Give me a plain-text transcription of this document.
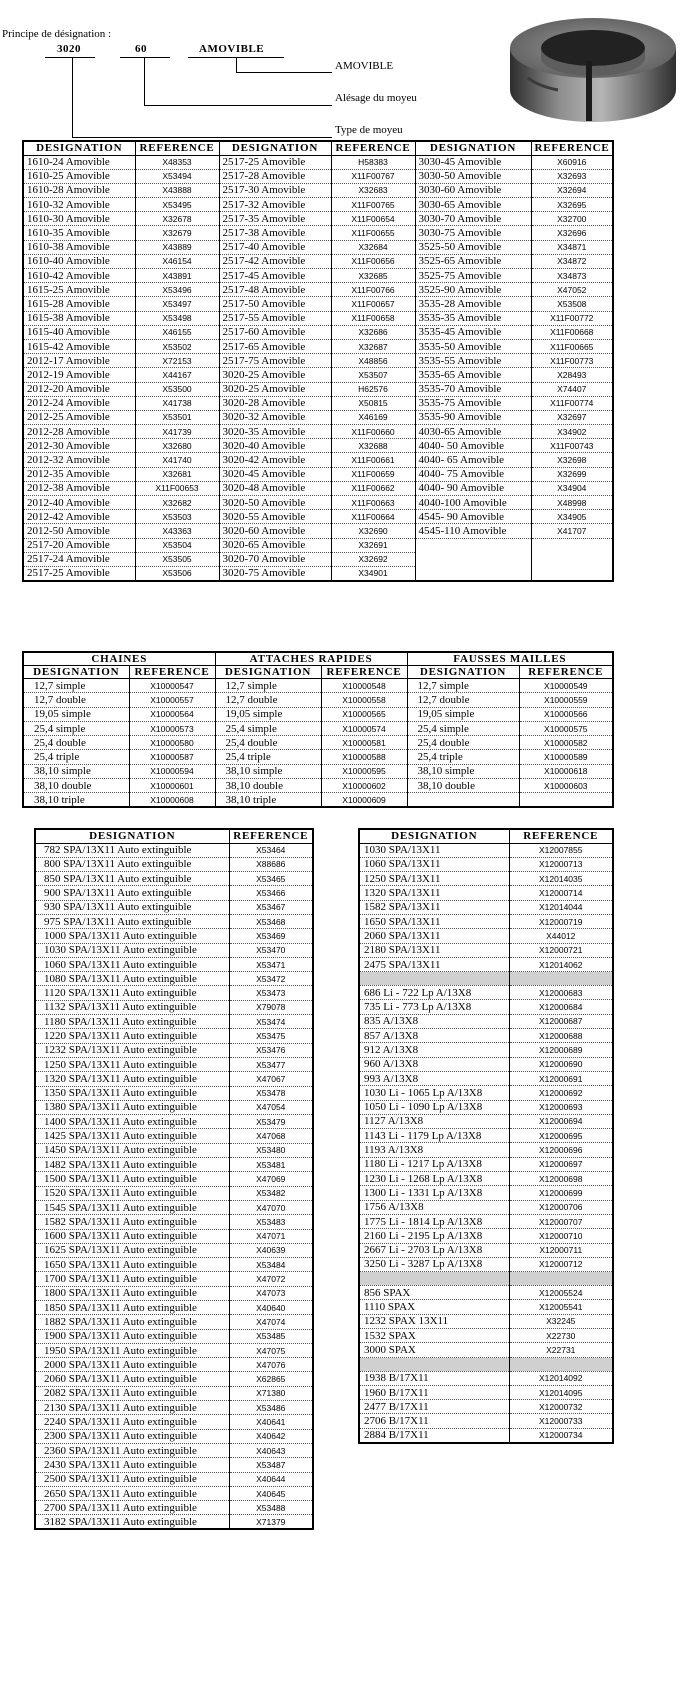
Principe de désignation :
3020	60	AMOVIBLE
AMOVIBLE
Alésage du moyeu
Type de moyeu
DESIGNATION	REFERENCE	DESIGNATION	REFERENCE	DESIGNATION	REFERENCE
1610-24 Amovible	X48353	2517-25 Amovible	H58383	3030-45 Amovible	X60916
1610-25 Amovible	X53494	2517-28 Amovible	X11F00767	3030-50 Amovible	X32693
1610-28 Amovible	X43888	2517-30 Amovible	X32683	3030-60 Amovible	X32694
1610-32 Amovible	X53495	2517-32 Amovible	X11F00765	3030-65 Amovible	X32695
1610-30 Amovible	X32678	2517-35 Amovible	X11F00654	3030-70 Amovible	X32700
1610-35 Amovible	X32679	2517-38 Amovible	X11F00655	3030-75 Amovible	X32696
1610-38 Amovible	X43889	2517-40 Amovible	X32684	3525-50 Amovible	X34871
1610-40 Amovible	X46154	2517-42 Amovible	X11F00656	3525-65 Amovible	X34872
1610-42 Amovible	X43891	2517-45 Amovible	X32685	3525-75 Amovible	X34873
1615-25 Amovible	X53496	2517-48 Amovible	X11F00766	3525-90 Amovible	X47052
1615-28 Amovible	X53497	2517-50 Amovible	X11F00657	3535-28 Amovible	X53508
1615-38 Amovible	X53498	2517-55 Amovible	X11F00658	3535-35 Amovible	X11F00772
1615-40 Amovible	X46155	2517-60 Amovible	X32686	3535-45 Amovible	X11F00668
1615-42 Amovible	X53502	2517-65 Amovible	X32687	3535-50 Amovible	X11F00665
2012-17 Amovible	X72153	2517-75 Amovible	X48856	3535-55 Amovible	X11F00773
2012-19 Amovible	X44167	3020-25 Amovible	X53507	3535-65 Amovible	X28493
2012-20 Amovible	X53500	3020-25 Amovible	H62576	3535-70 Amovible	X74407
2012-24 Amovible	X41738	3020-28 Amovible	X50815	3535-75 Amovible	X11F00774
2012-25 Amovible	X53501	3020-32 Amovible	X46169	3535-90 Amovible	X32697
2012-28 Amovible	X41739	3020-35 Amovible	X11F00660	4030-65 Amovible	X34902
2012-30 Amovible	X32680	3020-40 Amovible	X32688	4040- 50 Amovible	X11F00743
2012-32 Amovible	X41740	3020-42 Amovible	X11F00661	4040- 65 Amovible	X32698
2012-35 Amovible	X32681	3020-45 Amovible	X11F00659	4040- 75 Amovible	X32699
2012-38 Amovible	X11F00653	3020-48 Amovible	X11F00662	4040- 90 Amovible	X34904
2012-40 Amovible	X32682	3020-50 Amovible	X11F00663	4040-100 Amovible	X48998
2012-42 Amovible	X53503	3020-55 Amovible	X11F00664	4545- 90 Amovible	X34905
2012-50 Amovible	X43363	3020-60 Amovible	X32690	4545-110 Amovible	X41707
2517-20 Amovible	X53504	3020-65 Amovible	X32691		
2517-24 Amovible	X53505	3020-70 Amovible	X32692		
2517-25 Amovible	X53506	3020-75 Amovible	X34901		
CHAINES		ATTACHES RAPIDES		FAUSSES MAILLES	
DESIGNATION	REFERENCE	DESIGNATION	REFERENCE	DESIGNATION	REFERENCE
12,7 simple	X10000547	12,7 simple	X10000548	12,7 simple	X10000549
12,7 double	X10000557	12,7 double	X10000558	12,7 double	X10000559
19,05 simple	X10000564	19,05 simple	X10000565	19,05 simple	X10000566
25,4 simple	X10000573	25,4 simple	X10000574	25,4 simple	X10000575
25,4 double	X10000580	25,4 double	X10000581	25,4 double	X10000582
25,4 triple	X10000587	25,4 triple	X10000588	25,4 triple	X10000589
38,10 simple	X10000594	38,10 simple	X10000595	38,10 simple	X10000618
38,10 double	X10000601	38,10 double	X10000602	38,10 double	X10000603
38,10 triple	X10000608	38,10 triple	X10000609		
DESIGNATION	REFERENCE
782 SPA/13X11 Auto extinguible	X53464
800 SPA/13X11 Auto extinguible	X88686
850 SPA/13X11 Auto extinguible	X53465
900 SPA/13X11 Auto extinguible	X53466
930 SPA/13X11 Auto extinguible	X53467
975 SPA/13X11 Auto extinguible	X53468
1000 SPA/13X11 Auto extinguible	X53469
1030 SPA/13X11 Auto extinguible	X53470
1060 SPA/13X11 Auto extinguible	X53471
1080 SPA/13X11 Auto extinguible	X53472
1120 SPA/13X11 Auto extinguible	X53473
1132 SPA/13X11 Auto extinguible	X79078
1180 SPA/13X11 Auto extinguible	X53474
1220 SPA/13X11 Auto extinguible	X53475
1232 SPA/13X11 Auto extinguible	X53476
1250 SPA/13X11 Auto extinguible	X53477
1320 SPA/13X11 Auto extinguible	X47067
1350 SPA/13X11 Auto extinguible	X53478
1380 SPA/13X11 Auto extinguible	X47054
1400 SPA/13X11 Auto extinguible	X53479
1425 SPA/13X11 Auto extinguible	X47068
1450 SPA/13X11 Auto extinguible	X53480
1482 SPA/13X11 Auto extinguible	X53481
1500 SPA/13X11 Auto extinguible	X47069
1520 SPA/13X11 Auto extinguible	X53482
1545 SPA/13X11 Auto extinguible	X47070
1582 SPA/13X11 Auto extinguible	X53483
1600 SPA/13X11 Auto extinguible	X47071
1625 SPA/13X11 Auto extinguible	X40639
1650 SPA/13X11 Auto extinguible	X53484
1700 SPA/13X11 Auto extinguible	X47072
1800 SPA/13X11 Auto extinguible	X47073
1850 SPA/13X11 Auto extinguible	X40640
1882 SPA/13X11 Auto extinguible	X47074
1900 SPA/13X11 Auto extinguible	X53485
1950 SPA/13X11 Auto extinguible	X47075
2000 SPA/13X11 Auto extinguible	X47076
2060 SPA/13X11 Auto extinguible	X62865
2082 SPA/13X11 Auto extinguible	X71380
2130 SPA/13X11 Auto extinguible	X53486
2240 SPA/13X11 Auto extinguible	X40641
2300 SPA/13X11 Auto extinguible	X40642
2360 SPA/13X11 Auto extinguible	X40643
2430 SPA/13X11 Auto extinguible	X53487
2500 SPA/13X11 Auto extinguible	X40644
2650 SPA/13X11 Auto extinguible	X40645
2700 SPA/13X11 Auto extinguible	X53488
3182 SPA/13X11 Auto extinguible	X71379
DESIGNATION	REFERENCE
1030 SPA/13X11	X12007855
1060 SPA/13X11	X12000713
1250 SPA/13X11	X12014035
1320 SPA/13X11	X12000714
1582 SPA/13X11	X12014044
1650 SPA/13X11	X12000719
2060 SPA/13X11	X44012
2180 SPA/13X11	X12000721
2475 SPA/13X11	X12014062

686 Li - 722 Lp A/13X8	X12000683
735 Li - 773 Lp A/13X8	X12000684
835 A/13X8	X12000687
857 A/13X8	X12000688
912 A/13X8	X12000689
960 A/13X8	X12000690
993 A/13X8	X12000691
1030 Li - 1065 Lp A/13X8	X12000692
1050 Li - 1090 Lp A/13X8	X12000693
1127 A/13X8	X12000694
1143 Li - 1179 Lp A/13X8	X12000695
1193 A/13X8	X12000696
1180 Li - 1217 Lp A/13X8	X12000697
1230 Li - 1268 Lp A/13X8	X12000698
1300 Li - 1331 Lp A/13X8	X12000699
1756 A/13X8	X12000706
1775 Li - 1814 Lp A/13X8	X12000707
2160 Li - 2195 Lp A/13X8	X12000710
2667 Li - 2703 Lp A/13X8	X12000711
3250 Li - 3287 Lp A/13X8	X12000712

856 SPAX	X12005524
1110 SPAX	X12005541
1232 SPAX 13X11	X32245
1532 SPAX	X22730
3000 SPAX	X22731

1938 B/17X11	X12014092
1960 B/17X11	X12014095
2477 B/17X11	X12000732
2706 B/17X11	X12000733
2884 B/17X11	X12000734
